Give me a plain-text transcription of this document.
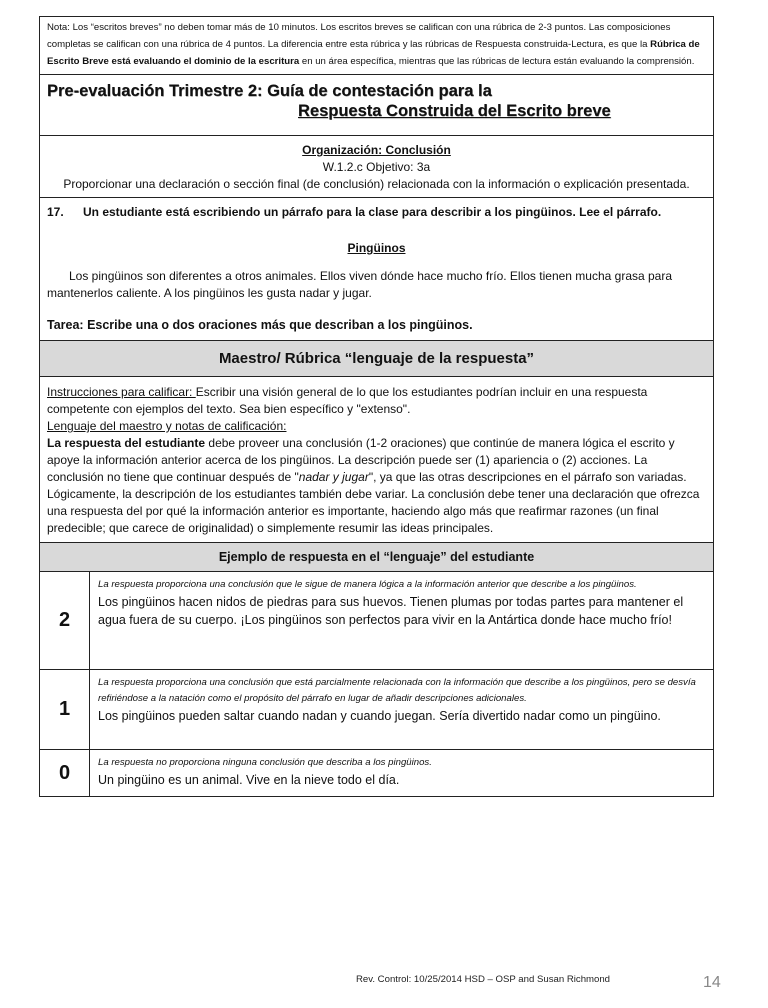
Nota: Los “escritos breves” no deben tomar más de 10 minutos. Los escritos breves se califican con una rúbrica de 2-3 puntos. Las composiciones completas se califican con una rúbrica de 4 puntos. La diferencia entre esta rúbrica y las rúbricas de Respuesta construida-Lectura, es que la Rúbrica de Escrito Breve está evaluando el dominio de la escritura en un área específica, mientras que las rúbricas de lectura están evaluando la comprensión.	

Pre-evaluación Trimestre 2: Guía de contestación para la
Respuesta Construida del Escrito breve	

Organización: Conclusión
W.1.2.c Objetivo: 3a
Proporcionar una declaración o sección final (de conclusión) relacionada con la información o explicación presentada.	

17. Un estudiante está escribiendo un párrafo para la clase para describir a los pingüinos. Lee el párrafo.
Pingüinos
Los pingüinos son diferentes a otros animales. Ellos viven dónde hace mucho frío. Ellos tienen mucha grasa para mantenerlos caliente. A los pingüinos les gusta nadar y jugar.
Tarea: Escribe una o dos oraciones más que describan a los pingüinos.	

Maestro/ Rúbrica “lenguaje de la respuesta”	

Instrucciones para calificar: Escribir una visión general de lo que los estudiantes podrían incluir en una respuesta competente con ejemplos del texto. Sea bien específico y "extenso".
Lenguaje del maestro y notas de calificación:
La respuesta del estudiante debe proveer una conclusión (1-2 oraciones) que continúe de manera lógica el escrito y apoye la información anterior acerca de los pingüinos. La descripción puede ser (1) apariencia o (2) acciones. La conclusión no tiene que continuar después de "nadar y jugar", ya que las otras descripciones en el párrafo son variadas. Lógicamente, la descripción de los estudiantes también debe variar. La conclusión debe tener una declaración que ofrezca una respuesta del por qué la información anterior es importante, haciendo algo más que reafirmar razones (un final predecible; que carece de originalidad) o simplemente resumir las ideas principales.	

Ejemplo de respuesta en el “lenguaje” del estudiante	
2	La respuesta proporciona una conclusión que le sigue de manera lógica a la información anterior que describe a los pingüinos.
Los pingüinos hacen nidos de piedras para sus huevos. Tienen plumas por todas partes para mantener el agua fuera de su cuerpo. ¡Los pingüinos son perfectos para vivir en la Antártica donde hace mucho frío!

1	La respuesta proporciona una conclusión que está parcialmente relacionada con la información que describe a los pingüinos, pero se desvía refiriéndose a la natación como el propósito del párrafo en lugar de añadir descripciones adicionales.
Los pingüinos pueden saltar cuando nadan y cuando juegan. Sería divertido nadar como un pingüino.

0	La respuesta no proporciona ninguna conclusión que describa a los pingüinos.
Un pingüino es un animal. Vive en la nieve todo el día.
Rev. Control: 10/25/2014 HSD – OSP and Susan Richmond	14
